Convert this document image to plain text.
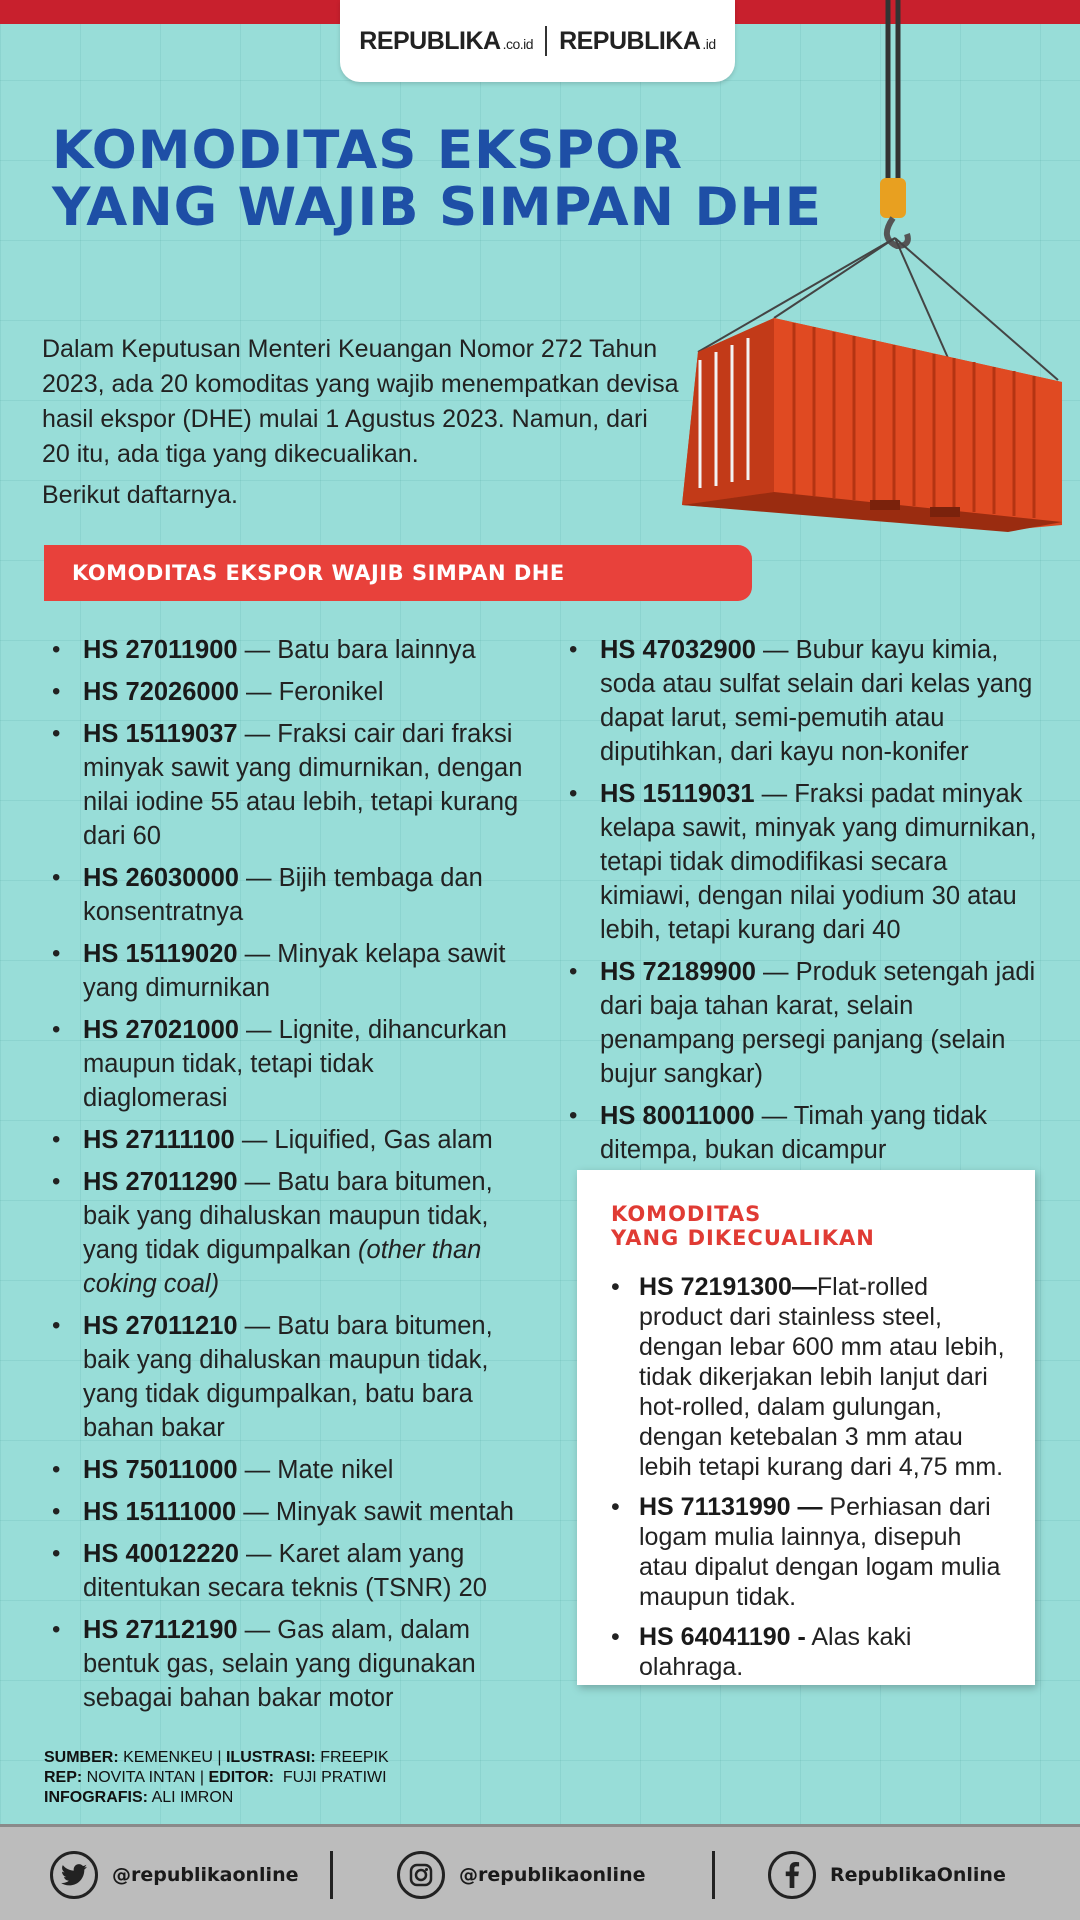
REPUBLIKA .co.id REPUBLIKA .id
KOMODITAS EKSPOR YANG WAJIB SIMPAN DHE

Dalam Keputusan Menteri Keuangan Nomor 272 Tahun 2023, ada 20 komoditas yang wajib menempatkan devisa hasil ekspor (DHE) mulai 1 Agustus 2023. Namun, dari 20 itu, ada tiga yang dikecualikan.

Berikut daftarnya.

KOMODITAS EKSPOR WAJIB SIMPAN DHE
• HS 27011900 — Batu bara lainnya
• HS 72026000 — Feronikel
• HS 15119037 — Fraksi cair dari fraksi minyak sawit yang dimurnikan, dengan nilai iodine 55 atau lebih, tetapi kurang dari 60
• HS 26030000 — Bijih tembaga dan konsentratnya
• HS 15119020 — Minyak kelapa sawit yang dimurnikan
• HS 27021000 — Lignite, dihancurkan maupun tidak, tetapi tidak diaglomerasi
• HS 27111100 — Liquified, Gas alam
• HS 27011290 — Batu bara bitumen, baik yang dihaluskan maupun tidak, yang tidak digumpalkan (other than coking coal)
• HS 27011210 — Batu bara bitumen, baik yang dihaluskan maupun tidak, yang tidak digumpalkan, batu bara bahan bakar
• HS 75011000 — Mate nikel
• HS 15111000 — Minyak sawit mentah
• HS 40012220 — Karet alam yang ditentukan secara teknis (TSNR) 20
• HS 27112190 — Gas alam, dalam bentuk gas, selain yang digunakan sebagai bahan bakar motor
• HS 47032900 — Bubur kayu kimia, soda atau sulfat selain dari kelas yang dapat larut, semi-pemutih atau diputihkan, dari kayu non-konifer
• HS 15119031 — Fraksi padat minyak kelapa sawit, minyak yang dimurnikan, tetapi tidak dimodifikasi secara kimiawi, dengan nilai yodium 30 atau lebih, tetapi kurang dari 40
• HS 72189900 — Produk setengah jadi dari baja tahan karat, selain penampang persegi panjang (selain bujur sangkar)
• HS 80011000 — Timah yang tidak ditempa, bukan dicampur
KOMODITAS
YANG DIKECUALIKAN
• HS 72191300—Flat-rolled product dari stainless steel, dengan lebar 600 mm atau lebih, tidak dikerjakan lebih lanjut dari hot-rolled, dalam gulungan, dengan ketebalan 3 mm atau lebih tetapi kurang dari 4,75 mm.
• HS 71131990 — Perhiasan dari logam mulia lainnya, disepuh atau dipalut dengan logam mulia maupun tidak.
• HS 64041190 - Alas kaki olahraga.
SUMBER: KEMENKEU | ILUSTRASI: FREEPIK
REP: NOVITA INTAN | EDITOR:  FUJI PRATIWI
INFOGRAFIS: ALI IMRON
@republikaonline	@republikaonline	RepublikaOnline
